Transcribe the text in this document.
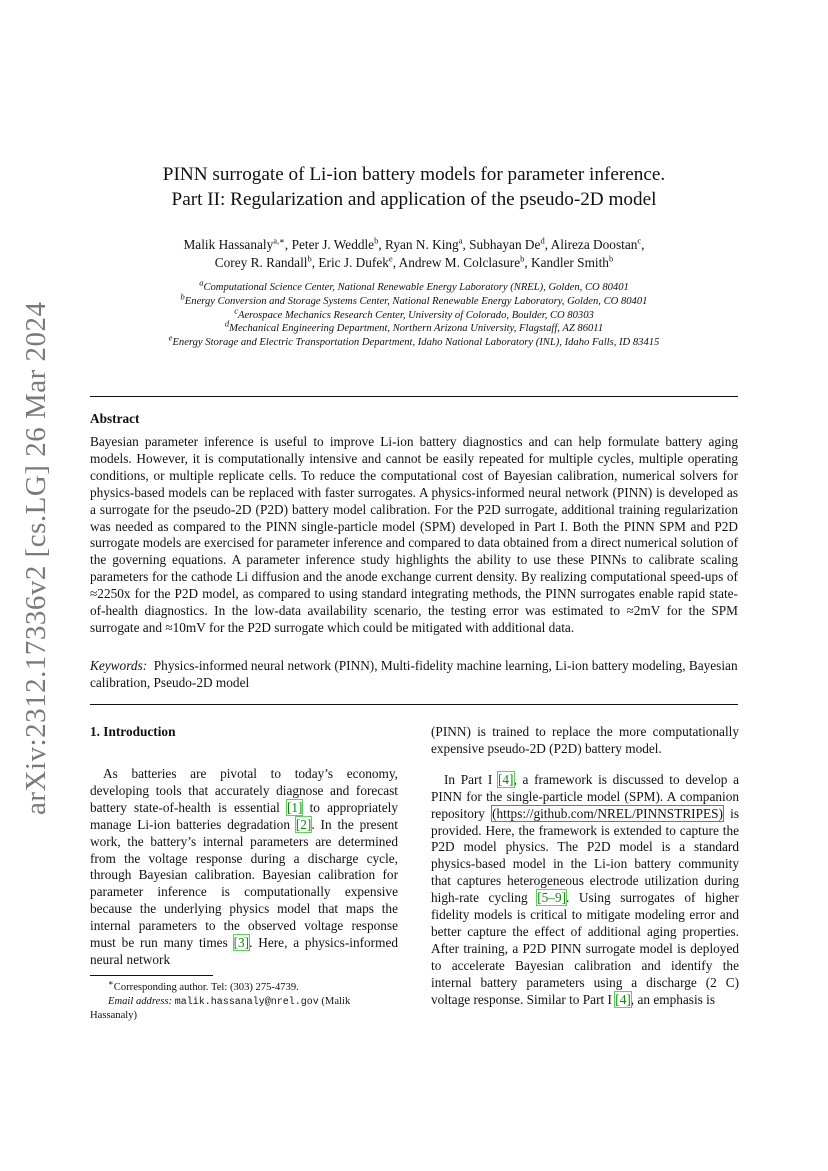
arXiv:2312.17336v2 [cs.LG] 26 Mar 2024
PINN surrogate of Li-ion battery models for parameter inference.
Part II: Regularization and application of the pseudo-2D model
Malik Hassanaly$^{a,∗}$, Peter J. Weddle$^b$, Ryan N. King$^a$, Subhayan De$^d$, Alireza Doostan$^c$,
Corey R. Randall$^b$, Eric J. Dufek$^e$, Andrew M. Colclasure$^b$, Kandler Smith$^b$
$^a$Computational Science Center, National Renewable Energy Laboratory (NREL), Golden, CO 80401
$^b$Energy Conversion and Storage Systems Center, National Renewable Energy Laboratory, Golden, CO 80401
$^c$Aerospace Mechanics Research Center, University of Colorado, Boulder, CO 80303
$^d$Mechanical Engineering Department, Northern Arizona University, Flagstaff, AZ 86011
$^e$Energy Storage and Electric Transportation Department, Idaho National Laboratory (INL), Idaho Falls, ID 83415
Abstract
Bayesian parameter inference is useful to improve Li-ion battery diagnostics and can help formulate battery aging models. However, it is computationally intensive and cannot be easily repeated for multiple cycles, multiple operating conditions, or multiple replicate cells. To reduce the computational cost of Bayesian calibration, numerical solvers for physics-based models can be replaced with faster surrogates. A physics-informed neural network (PINN) is developed as a surrogate for the pseudo-2D (P2D) battery model calibration. For the P2D surrogate, additional training regularization was needed as compared to the PINN single-particle model (SPM) developed in Part I. Both the PINN SPM and P2D surrogate models are exercised for parameter inference and compared to data obtained from a direct numerical solution of the governing equations. A parameter inference study highlights the ability to use these PINNs to calibrate scaling parameters for the cathode Li diffusion and the anode exchange current density. By realizing computational speed-ups of ≈2250x for the P2D model, as compared to using standard integrating methods, the PINN surrogates enable rapid state-of-health diagnostics. In the low-data availability scenario, the testing error was estimated to ≈2mV for the SPM surrogate and ≈10mV for the P2D surrogate which could be mitigated with additional data.
Keywords: Physics-informed neural network (PINN), Multi-fidelity machine learning, Li-ion battery modeling, Bayesian calibration, Pseudo-2D model
1. Introduction
As batteries are pivotal to today’s economy, developing tools that accurately diagnose and forecast battery state-of-health is essential [1] to appropriately manage Li-ion batteries degradation [2]. In the present work, the battery’s internal parameters are determined from the voltage response during a discharge cycle, through Bayesian calibration. Bayesian calibration for parameter inference is computationally expensive because the underlying physics model that maps the internal parameters to the observed voltage response must be run many times [3]. Here, a physics-informed neural network

(PINN) is trained to replace the more computationally expensive pseudo-2D (P2D) battery model.

In Part I [4], a framework is discussed to develop a PINN for the single-particle model (SPM). A companion repository (https://github.com/NREL/PINNSTRIPES) is provided. Here, the framework is extended to capture the P2D model physics. The P2D model is a standard physics-based model in the Li-ion battery community that captures heterogeneous electrode utilization during high-rate cycling [5–9]. Using surrogates of higher fidelity models is critical to mitigate modeling error and better capture the effect of additional aging properties. After training, a P2D PINN surrogate model is deployed to accelerate Bayesian calibration and identify the internal battery parameters using a discharge (2 C) voltage response. Similar to Part I [4], an emphasis is

∗Corresponding author. Tel: (303) 275-4739.
Email address: malik.hassanaly@nrel.gov (Malik Hassanaly)
